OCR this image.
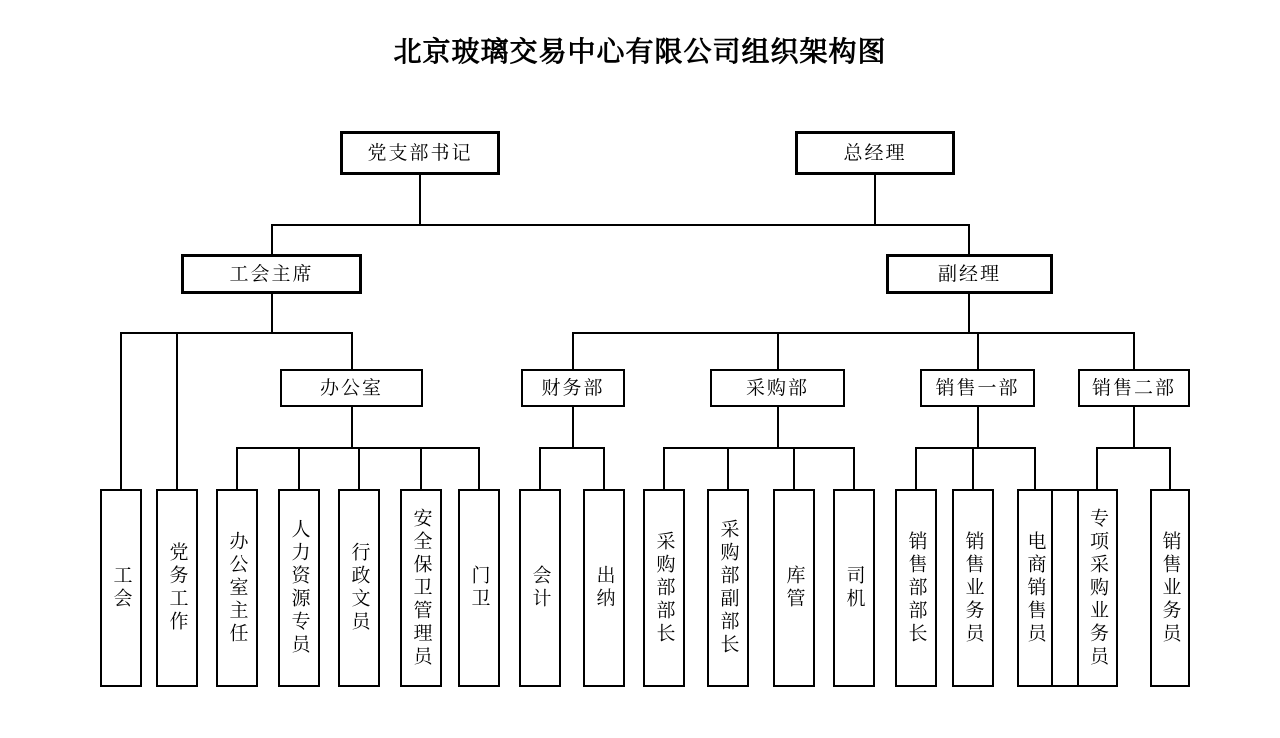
北京玻璃交易中心有限公司组织架构图
党支部书记	总经理
工会主席	副经理
办公室	财务部	采购部	销售一部	销售二部
工会 党务工作 办公室主任 人力资源专员 行政文员 安全保卫管理员 门卫 会计 出纳 采购部部长 采购部副部长 库管 司机 销售部部长 销售业务员 电商销售员 专项采购业务员	销售业务员
